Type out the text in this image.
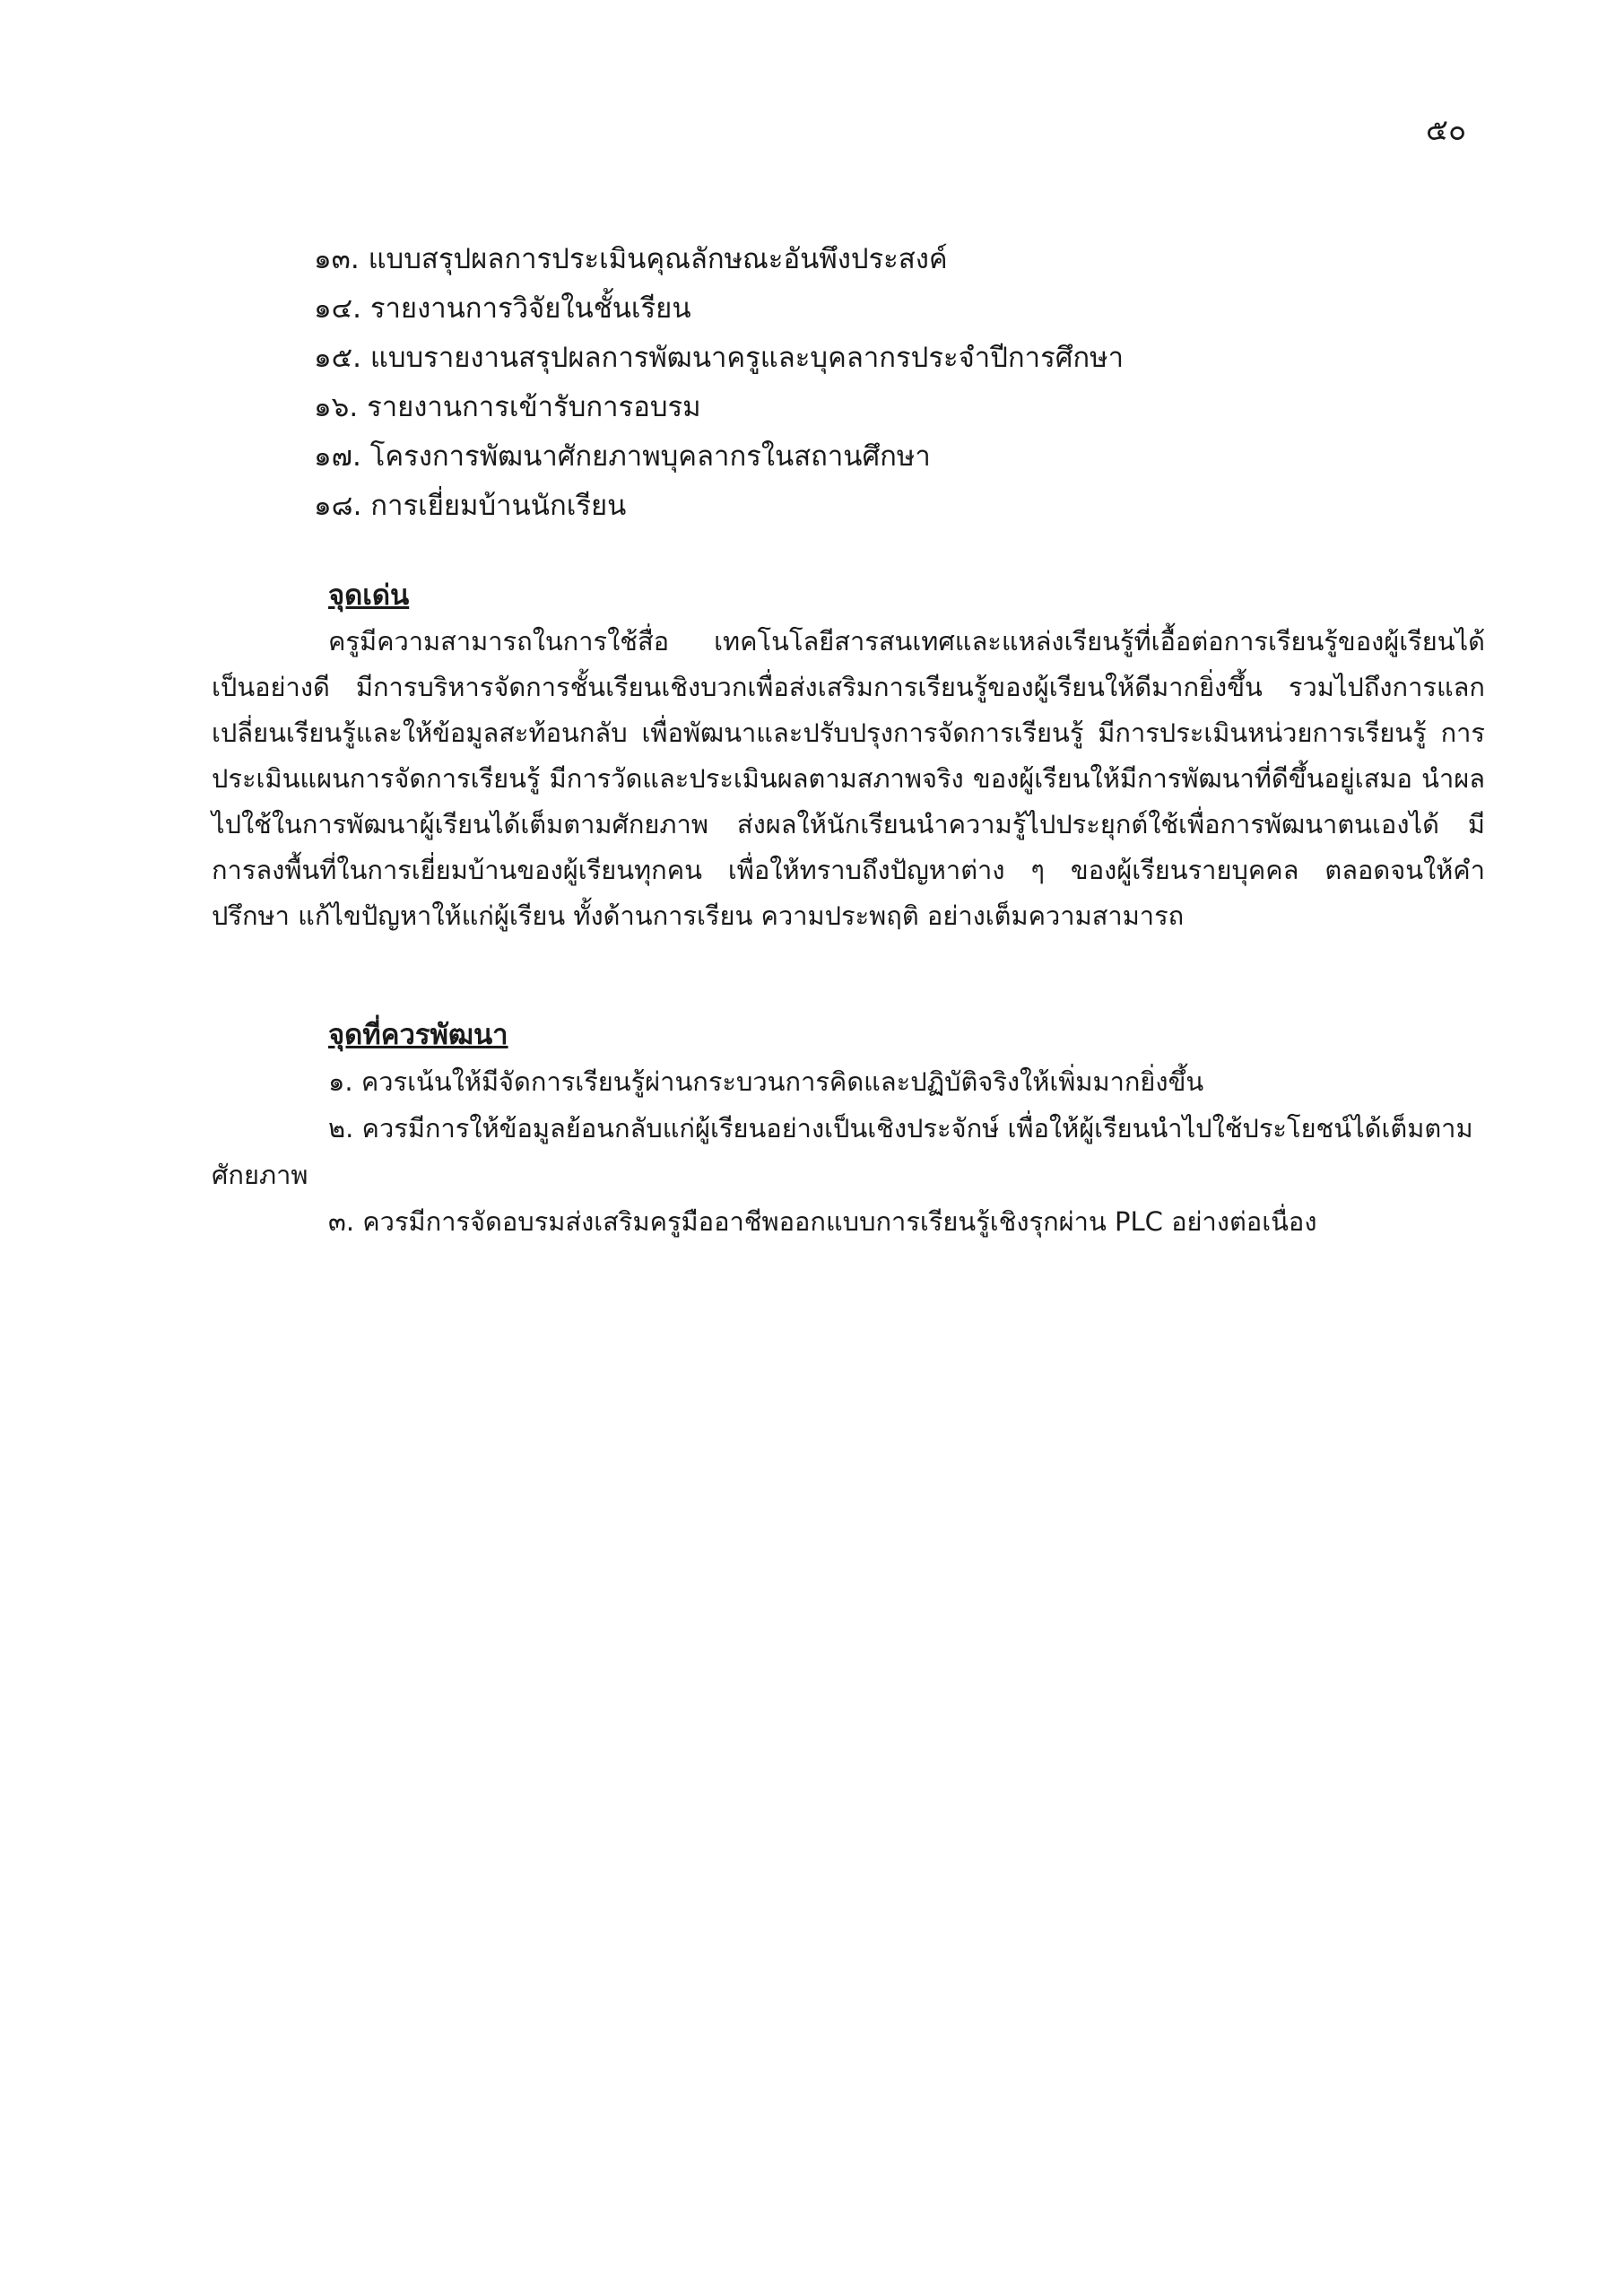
๕๐
๑๓. แบบสรุปผลการประเมินคุณลักษณะอันพึงประสงค์
๑๔. รายงานการวิจัยในชั้นเรียน
๑๕. แบบรายงานสรุปผลการพัฒนาครูและบุคลากรประจำปีการศึกษา
๑๖. รายงานการเข้ารับการอบรม
๑๗. โครงการพัฒนาศักยภาพบุคลากรในสถานศึกษา
๑๘. การเยี่ยมบ้านนักเรียน
จุดเด่น

ครูมีความสามารถในการใช้สื่อ เทคโนโลยีสารสนเทศและแหล่งเรียนรู้ที่เอื้อต่อการเรียนรู้ของผู้เรียนได้เป็นอย่างดี มีการบริหารจัดการชั้นเรียนเชิงบวกเพื่อส่งเสริมการเรียนรู้ของผู้เรียนให้ดีมากยิ่งขึ้น รวมไปถึงการแลกเปลี่ยนเรียนรู้และให้ข้อมูลสะท้อนกลับ เพื่อพัฒนาและปรับปรุงการจัดการเรียนรู้ มีการประเมินหน่วยการเรียนรู้ การประเมินแผนการจัดการเรียนรู้ มีการวัดและประเมินผลตามสภาพจริง ของผู้เรียนให้มีการพัฒนาที่ดีขึ้นอยู่เสมอ นำผลไปใช้ในการพัฒนาผู้เรียนได้เต็มตามศักยภาพ ส่งผลให้นักเรียนนำความรู้ไปประยุกต์ใช้เพื่อการพัฒนาตนเองได้ มีการลงพื้นที่ในการเยี่ยมบ้านของผู้เรียนทุกคน เพื่อให้ทราบถึงปัญหาต่าง ๆ ของผู้เรียนรายบุคคล ตลอดจนให้คำปรึกษา แก้ไขปัญหาให้แก่ผู้เรียน ทั้งด้านการเรียน ความประพฤติ อย่างเต็มความสามารถ

จุดที่ควรพัฒนา

๑. ควรเน้นให้มีจัดการเรียนรู้ผ่านกระบวนการคิดและปฏิบัติจริงให้เพิ่มมากยิ่งขึ้น

๒. ควรมีการให้ข้อมูลย้อนกลับแก่ผู้เรียนอย่างเป็นเชิงประจักษ์ เพื่อให้ผู้เรียนนำไปใช้ประโยชน์ได้เต็มตามศักยภาพ

๓. ควรมีการจัดอบรมส่งเสริมครูมืออาชีพออกแบบการเรียนรู้เชิงรุกผ่าน PLC อย่างต่อเนื่อง
